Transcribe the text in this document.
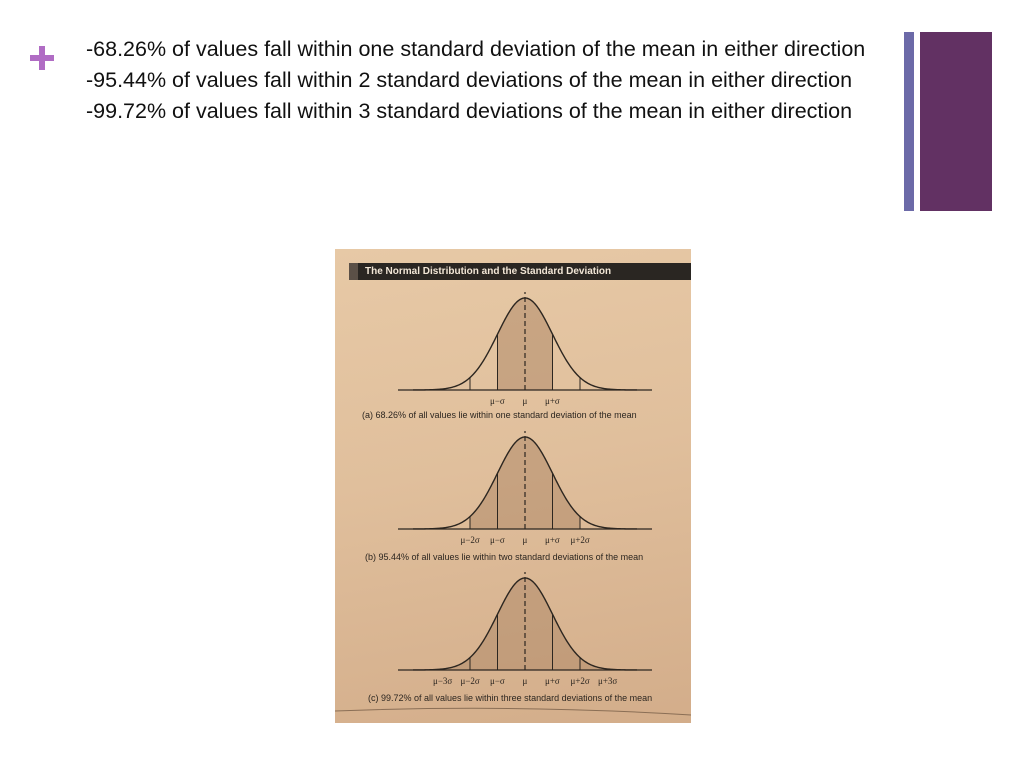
-68.26% of values fall within one standard deviation of the mean in either direction

-95.44% of values fall within 2 standard deviations of the mean in either direction

-99.72% of values fall within 3 standard deviations of the mean in either direction

The Normal Distribution and the Standard Deviation
μ−σ μ μ+σ
(a) 68.26% of all values lie within one standard deviation of the mean
μ−2σ μ−σ μ μ+σ μ+2σ
(b) 95.44% of all values lie within two standard deviations of the mean
μ−3σ μ−2σ μ−σ μ μ+σ μ+2σ μ+3σ
(c) 99.72% of all values lie within three standard deviations of the mean
